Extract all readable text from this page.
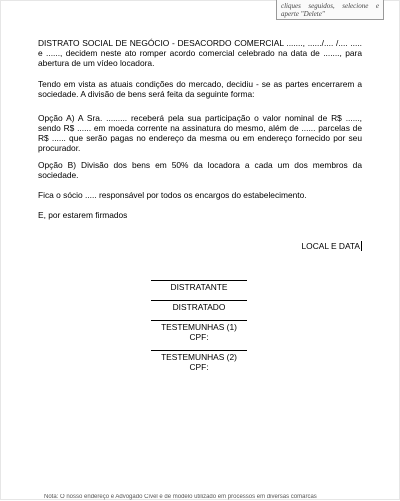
cliques seguidos, selecione e aperte "Delete"

DISTRATO SOCIAL DE NEGÓCIO - DESACORDO COMERCIAL ......., ....../.... /.... ..... e ......, decidem neste ato romper acordo comercial celebrado na data de ......., para abertura de um vídeo locadora.

Tendo em vista as atuais condições do mercado, decidiu - se as partes encerrarem a sociedade. A divisão de bens será feita da seguinte forma:

Opção A) A Sra. ......... receberá pela sua participação o valor nominal de R$ ......, sendo R$ ...... em moeda corrente na assinatura do mesmo, além de ...... parcelas de R$ ...... que serão pagas no endereço da mesma ou em endereço fornecido por seu procurador.

Opção B) Divisão dos bens em 50% da locadora a cada um dos membros da sociedade.

Fica o sócio ..... responsável por todos os encargos do estabelecimento.

E, por estarem firmados

LOCAL E DATA
DISTRATANTE
DISTRATADO
TESTEMUNHAS (1)
CPF:
TESTEMUNHAS (2)
CPF:
Nota: O nosso endereço e Advogado Cível é de modelo utilizado em processos em diversas comarcas
